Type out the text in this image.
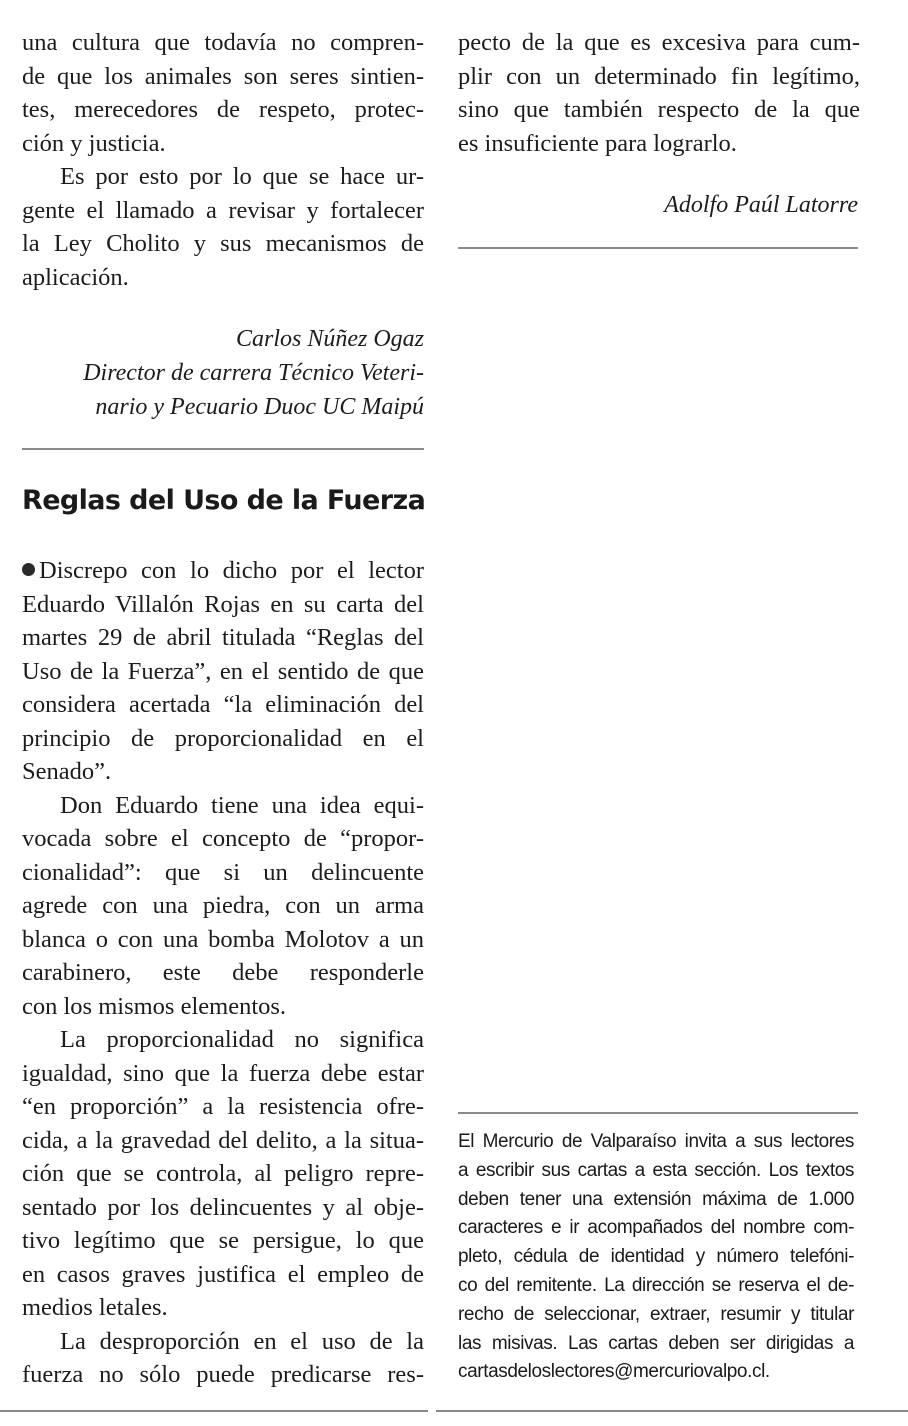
una cultura que todavía no compren-
de que los animales son seres sintien-
tes, merecedores de respeto, protec-
ción y justicia.

Es por esto por lo que se hace ur-
gente el llamado a revisar y fortalecer
la Ley Cholito y sus mecanismos de
aplicación.

Carlos Núñez Ogaz

Director de carrera Técnico Veteri-

nario y Pecuario Duoc UC Maipú

Reglas del Uso de la Fuerza

Discrepo con lo dicho por el lector
Eduardo Villalón Rojas en su carta del
martes 29 de abril titulada “Reglas del
Uso de la Fuerza”, en el sentido de que
considera acertada “la eliminación del
principio de proporcionalidad en el
Senado”.

Don Eduardo tiene una idea equi-
vocada sobre el concepto de “propor-
cionalidad”: que si un delincuente
agrede con una piedra, con un arma
blanca o con una bomba Molotov a un
carabinero, este debe responderle
con los mismos elementos.

La proporcionalidad no significa
igualdad, sino que la fuerza debe estar
“en proporción” a la resistencia ofre-
cida, a la gravedad del delito, a la situa-
ción que se controla, al peligro repre-
sentado por los delincuentes y al obje-
tivo legítimo que se persigue, lo que
en casos graves justifica el empleo de
medios letales.

La desproporción en el uso de la
fuerza no sólo puede predicarse res-

pecto de la que es excesiva para cum-
plir con un determinado fin legítimo,
sino que también respecto de la que
es insuficiente para lograrlo.

Adolfo Paúl Latorre

El Mercurio de Valparaíso invita a sus lectores
a escribir sus cartas a esta sección. Los textos
deben tener una extensión máxima de 1.000
caracteres e ir acompañados del nombre com-
pleto, cédula de identidad y número telefóni-
co del remitente. La dirección se reserva el de-
recho de seleccionar, extraer, resumir y titular
las misivas. Las cartas deben ser dirigidas a
cartasdeloslectores@mercuriovalpo.cl.
